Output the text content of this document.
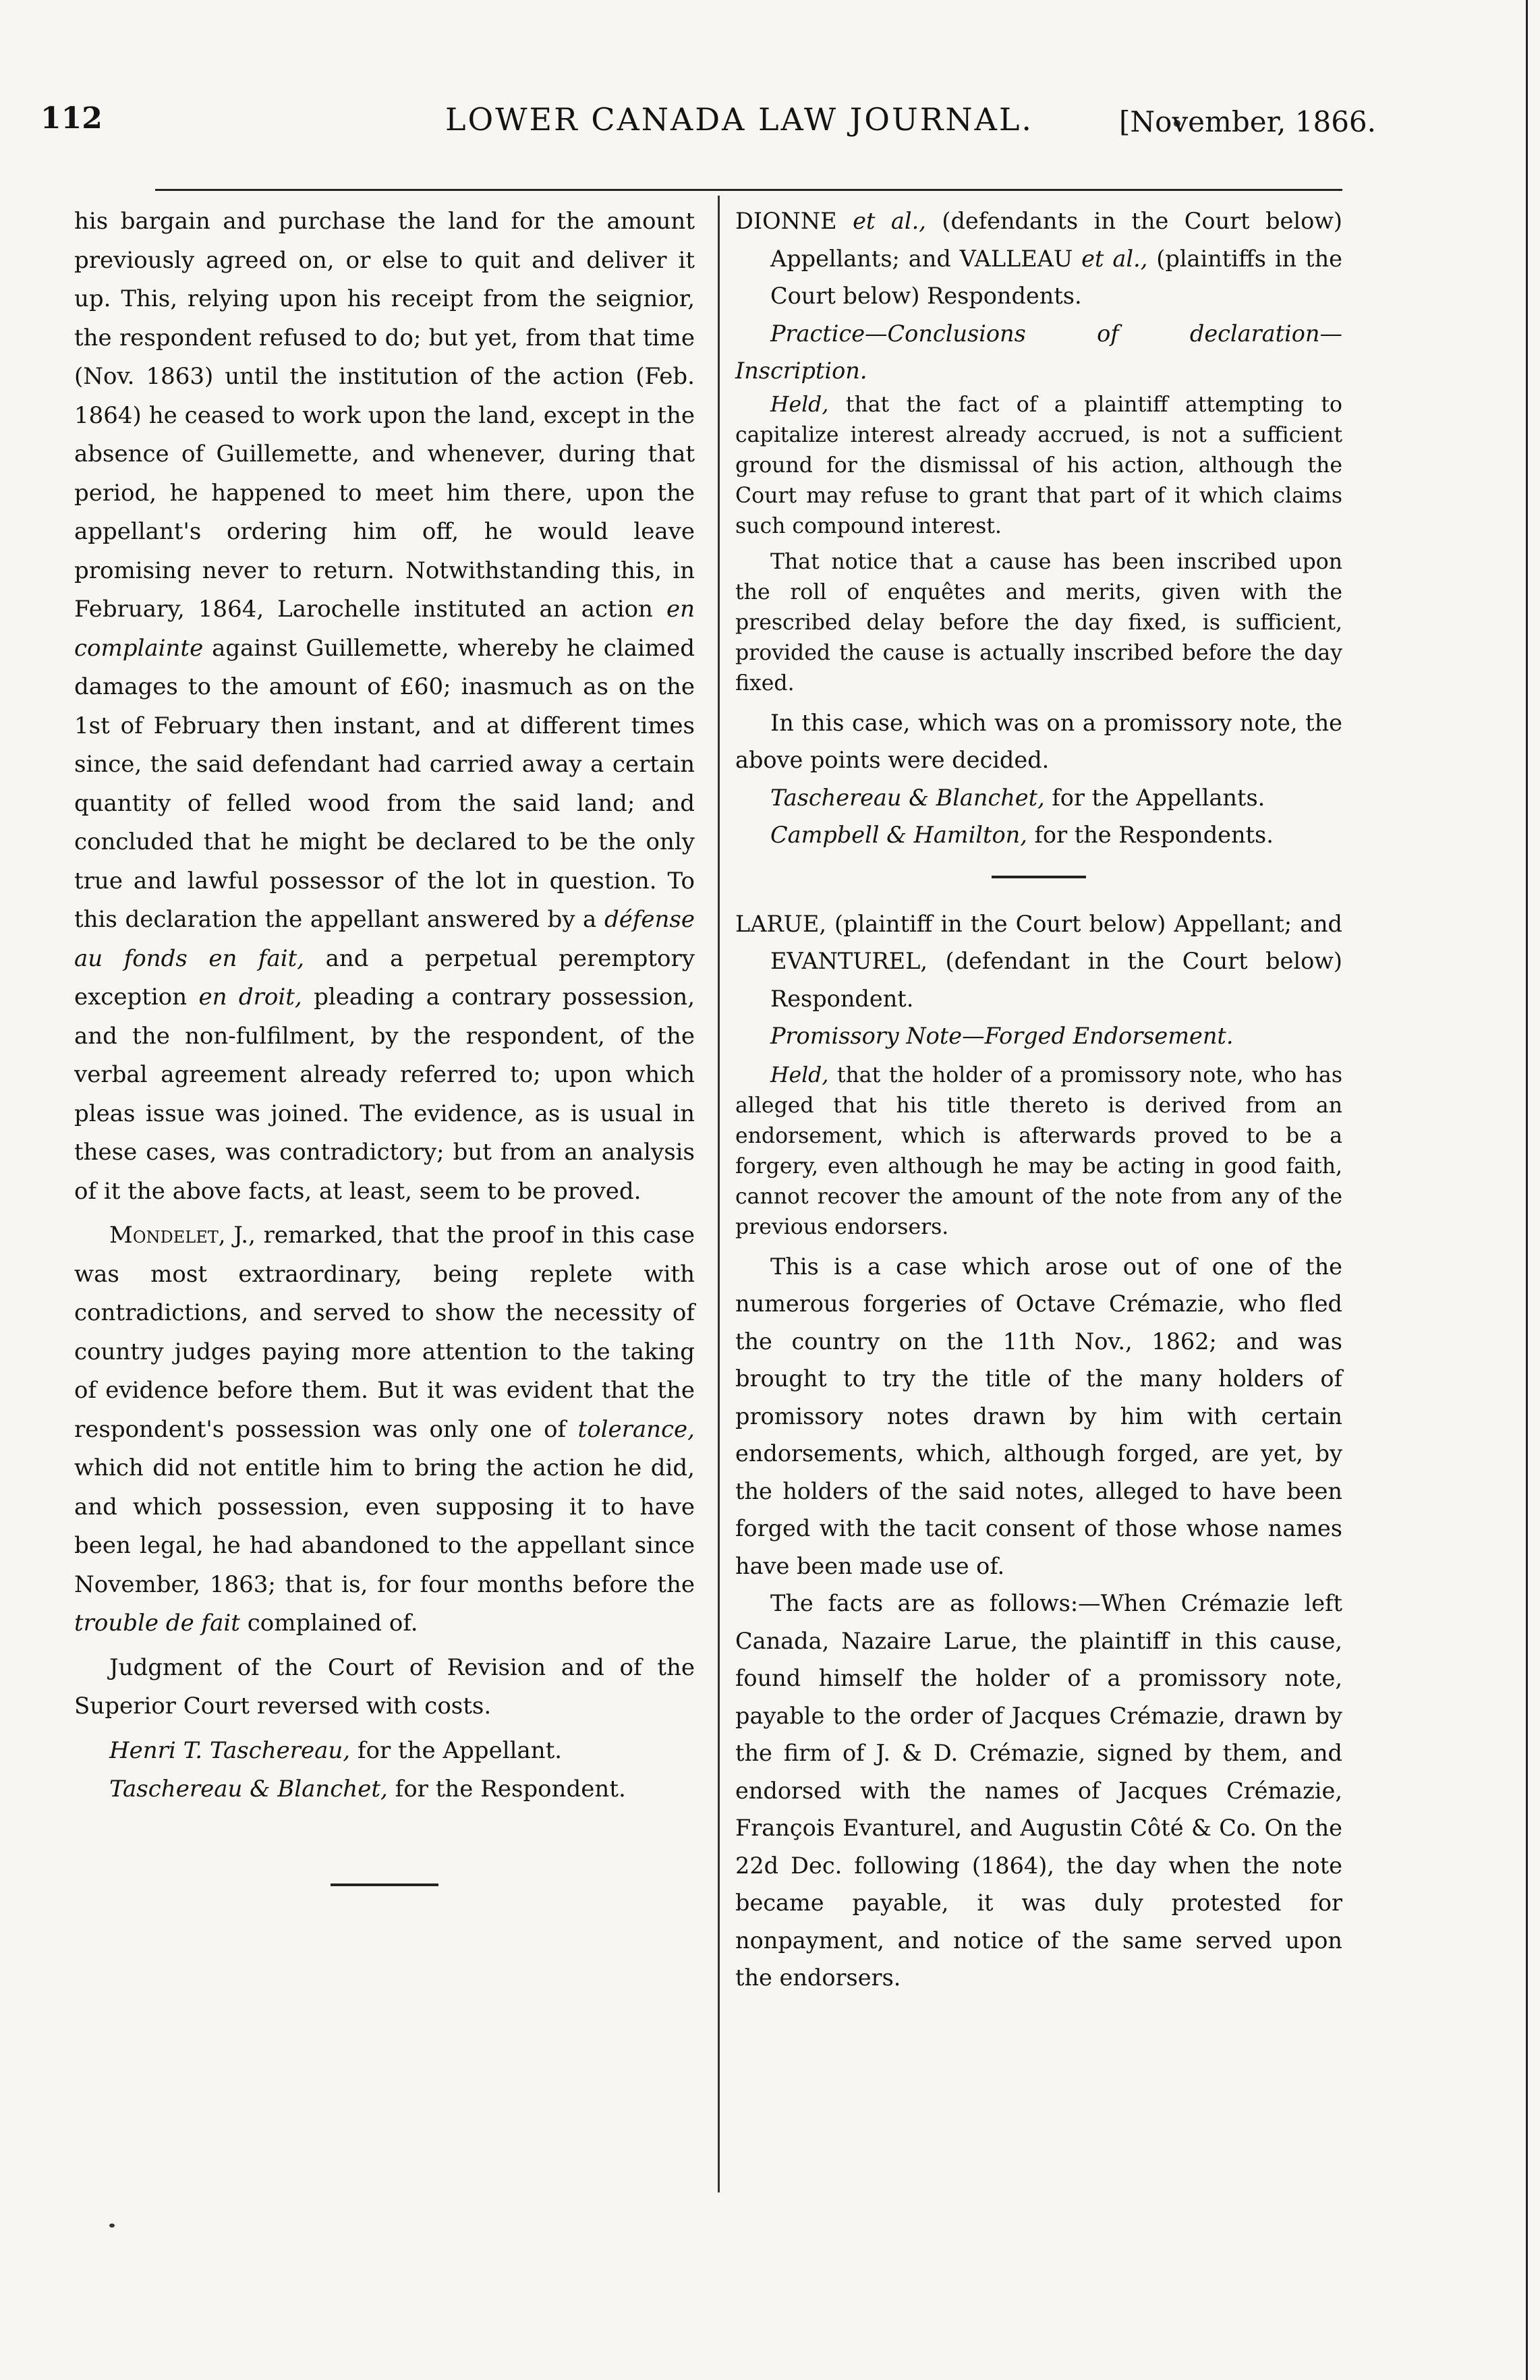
112	LOWER CANADA LAW JOURNAL.	[November, 1866.

his bargain and purchase the land for the amount previously agreed on, or else to quit and deliver it up. This, relying upon his receipt from the seignior, the respondent refused to do; but yet, from that time (Nov. 1863) until the institution of the action (Feb. 1864) he ceased to work upon the land, except in the absence of Guillemette, and whenever, during that period, he happened to meet him there, upon the appellant's ordering him off, he would leave promising never to return. Notwithstanding this, in February, 1864, Larochelle instituted an action en complainte against Guillemette, whereby he claimed damages to the amount of £60; inasmuch as on the 1st of February then instant, and at different times since, the said defendant had carried away a certain quantity of felled wood from the said land; and concluded that he might be declared to be the only true and lawful possessor of the lot in question. To this declaration the appellant answered by a défense au fonds en fait, and a perpetual peremptory exception en droit, pleading a contrary possession, and the non-fulfilment, by the respondent, of the verbal agreement already referred to; upon which pleas issue was joined. The evidence, as is usual in these cases, was contradictory; but from an analysis of it the above facts, at least, seem to be proved.

Mondelet, J., remarked, that the proof in this case was most extraordinary, being replete with contradictions, and served to show the necessity of country judges paying more attention to the taking of evidence before them. But it was evident that the respondent's possession was only one of tolerance, which did not entitle him to bring the action he did, and which possession, even supposing it to have been legal, he had abandoned to the appellant since November, 1863; that is, for four months before the trouble de fait complained of.

Judgment of the Court of Revision and of the Superior Court reversed with costs.

Henri T. Taschereau, for the Appellant.

Taschereau & Blanchet, for the Respondent.

DIONNE et al., (defendants in the Court below) Appellants; and VALLEAU et al., (plaintiffs in the Court below) Respondents.

Practice—Conclusions of declaration—Inscription.

Held, that the fact of a plaintiff attempting to capitalize interest already accrued, is not a sufficient ground for the dismissal of his action, although the Court may refuse to grant that part of it which claims such compound interest.

That notice that a cause has been inscribed upon the roll of enquêtes and merits, given with the prescribed delay before the day fixed, is sufficient, provided the cause is actually inscribed before the day fixed.

In this case, which was on a promissory note, the above points were decided.

Taschereau & Blanchet, for the Appellants.

Campbell & Hamilton, for the Respondents.

LARUE, (plaintiff in the Court below) Appellant; and EVANTUREL, (defendant in the Court below) Respondent.

Promissory Note—Forged Endorsement.

Held, that the holder of a promissory note, who has alleged that his title thereto is derived from an endorsement, which is afterwards proved to be a forgery, even although he may be acting in good faith, cannot recover the amount of the note from any of the previous endorsers.

This is a case which arose out of one of the numerous forgeries of Octave Crémazie, who fled the country on the 11th Nov., 1862; and was brought to try the title of the many holders of promissory notes drawn by him with certain endorsements, which, although forged, are yet, by the holders of the said notes, alleged to have been forged with the tacit consent of those whose names have been made use of.

The facts are as follows:—When Crémazie left Canada, Nazaire Larue, the plaintiff in this cause, found himself the holder of a promissory note, payable to the order of Jacques Crémazie, drawn by the firm of J. & D. Crémazie, signed by them, and endorsed with the names of Jacques Crémazie, François Evanturel, and Augustin Côté & Co. On the 22d Dec. following (1864), the day when the note became payable, it was duly protested for nonpayment, and notice of the same served upon the endorsers.
